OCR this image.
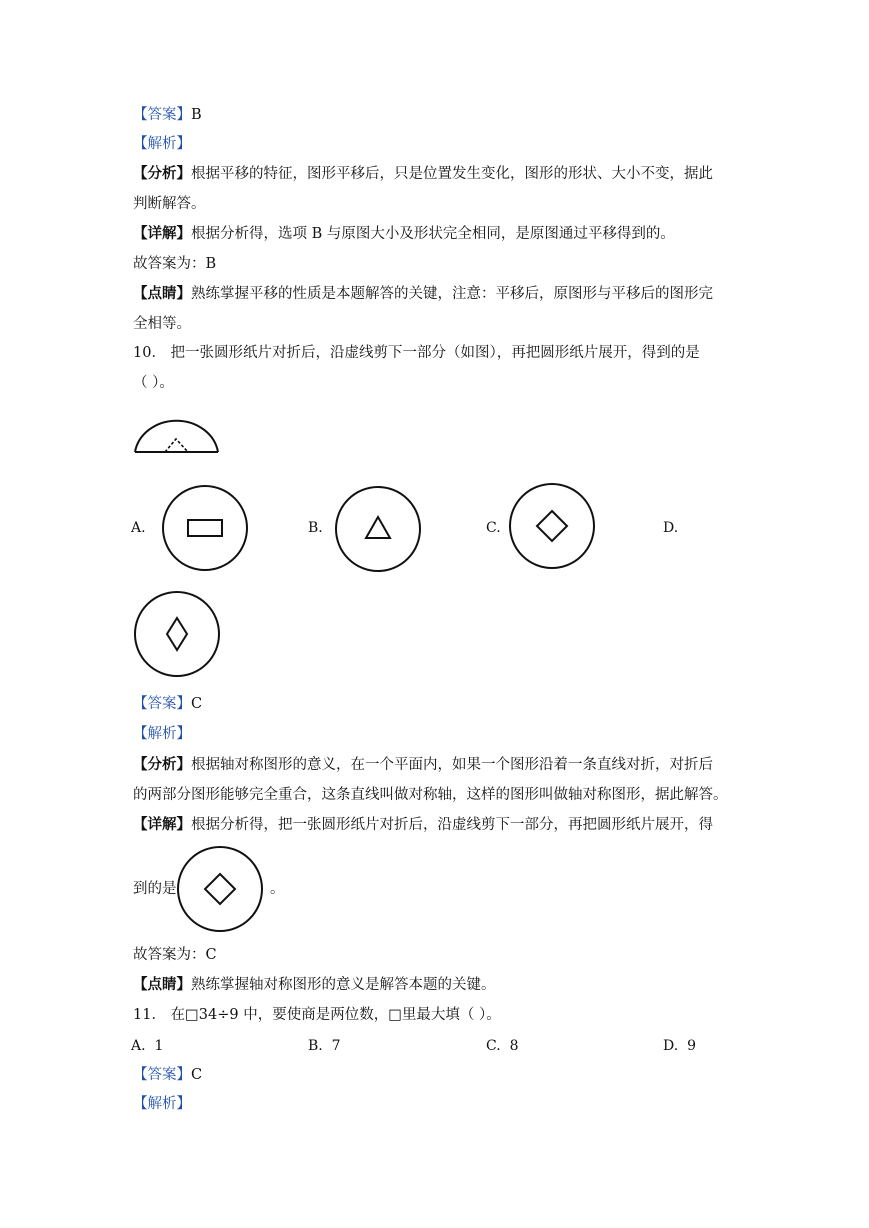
【答案】B
【解析】
【分析】根据平移的特征，图形平移后，只是位置发生变化，图形的形状、大小不变，据此
判断解答。
【详解】根据分析得，选项 B 与原图大小及形状完全相同，是原图通过平移得到的。
故答案为：B
【点睛】熟练掌握平移的性质是本题解答的关键，注意：平移后，原图形与平移后的图形完
全相等。
10． 把一张圆形纸片对折后，沿虚线剪下一部分（如图），再把圆形纸片展开，得到的是
（ ）。
A.	B.	C.	D.
【答案】C
【解析】
【分析】根据轴对称图形的意义，在一个平面内，如果一个图形沿着一条直线对折，对折后
的两部分图形能够完全重合，这条直线叫做对称轴，这样的图形叫做轴对称图形，据此解答。
【详解】根据分析得，把一张圆形纸片对折后，沿虚线剪下一部分，再把圆形纸片展开，得
到的是	。
故答案为：C
【点睛】熟练掌握轴对称图形的意义是解答本题的关键。
11． 在□34÷9 中，要使商是两位数，□里最大填（ ）。
A. 1	B. 7	C. 8	D. 9
【答案】C
【解析】
